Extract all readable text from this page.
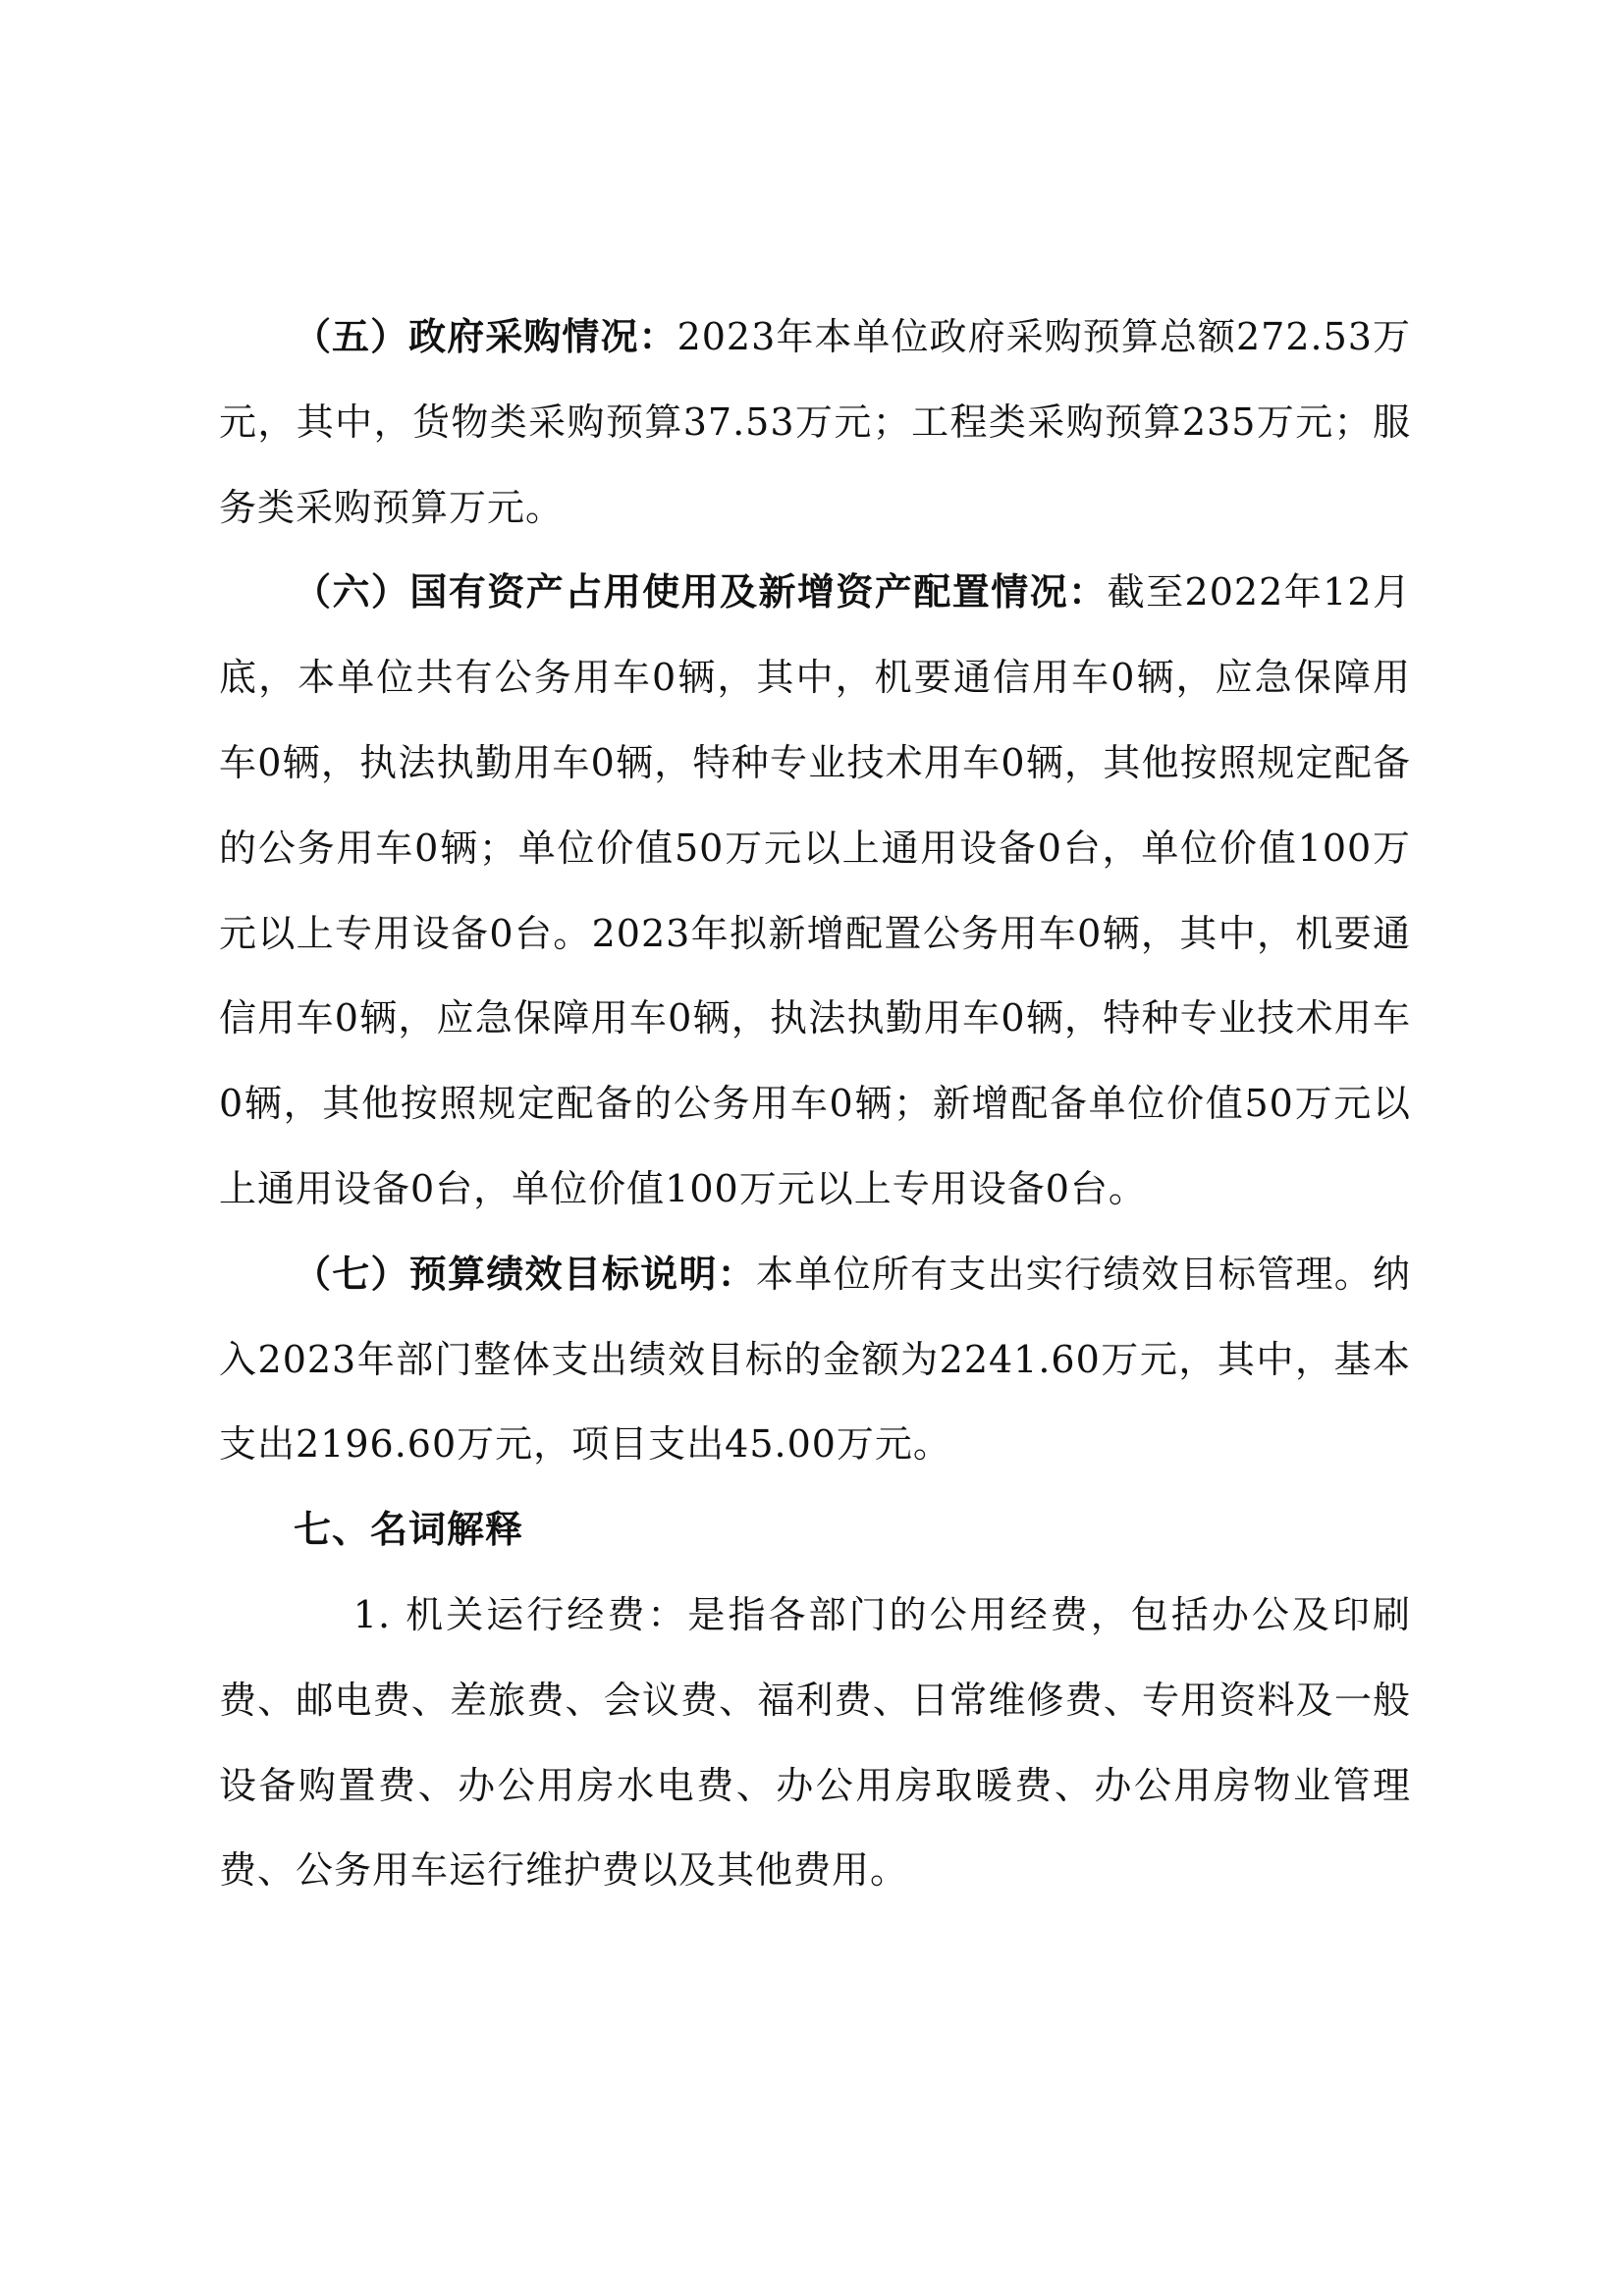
（五）政府采购情况：2023年本单位政府采购预算总额272.53万元，其中，货物类采购预算37.53万元；工程类采购预算235万元；服务类采购预算万元。

（六）国有资产占用使用及新增资产配置情况：截至2022年12月底，本单位共有公务用车0辆，其中，机要通信用车0辆，应急保障用车0辆，执法执勤用车0辆，特种专业技术用车0辆，其他按照规定配备的公务用车0辆；单位价值50万元以上通用设备0台，单位价值100万元以上专用设备0台。2023年拟新增配置公务用车0辆，其中，机要通信用车0辆，应急保障用车0辆，执法执勤用车0辆，特种专业技术用车0辆，其他按照规定配备的公务用车0辆；新增配备单位价值50万元以上通用设备0台，单位价值100万元以上专用设备0台。

（七）预算绩效目标说明：本单位所有支出实行绩效目标管理。纳入2023年部门整体支出绩效目标的金额为2241.60万元，其中，基本支出2196.60万元，项目支出45.00万元。

七、名词解释

1. 机关运行经费：是指各部门的公用经费，包括办公及印刷费、邮电费、差旅费、会议费、福利费、日常维修费、专用资料及一般设备购置费、办公用房水电费、办公用房取暖费、办公用房物业管理费、公务用车运行维护费以及其他费用。
